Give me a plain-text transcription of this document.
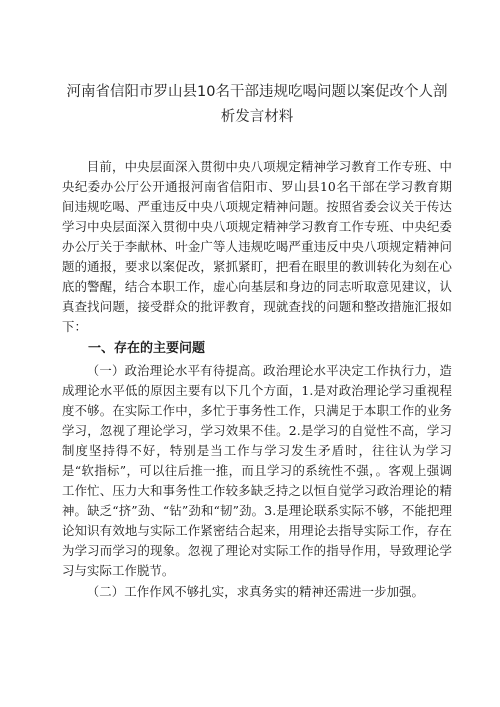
河南省信阳市罗山县10名干部违规吃喝问题以案促改个人剖析发言材料

目前，中央层面深入贯彻中央八项规定精神学习教育工作专班、中央纪委办公厅公开通报河南省信阳市、罗山县10名干部在学习教育期间违规吃喝、严重违反中央八项规定精神问题。按照省委会议关于传达学习中央层面深入贯彻中央八项规定精神学习教育工作专班、中央纪委办公厅关于李献林、叶金广等人违规吃喝严重违反中央八项规定精神问题的通报，要求以案促改，紧抓紧盯，把看在眼里的教训转化为刻在心底的警醒，结合本职工作，虚心向基层和身边的同志听取意见建议，认真查找问题，接受群众的批评教育，现就查找的问题和整改措施汇报如下：

一、存在的主要问题

（一）政治理论水平有待提高。政治理论水平决定工作执行力，造成理论水平低的原因主要有以下几个方面，1.是对政治理论学习重视程度不够。在实际工作中，多忙于事务性工作，只满足于本职工作的业务学习，忽视了理论学习，学习效果不佳。2.是学习的自觉性不高，学习制度坚持得不好，特别是当工作与学习发生矛盾时，往往认为学习是“软指标”，可以往后推一推，而且学习的系统性不强，。客观上强调工作忙、压力大和事务性工作较多缺乏持之以恒自觉学习政治理论的精神。缺乏“挤”劲、“钻”劲和“韧”劲。3.是理论联系实际不够，不能把理论知识有效地与实际工作紧密结合起来，用理论去指导实际工作，存在为学习而学习的现象。忽视了理论对实际工作的指导作用，导致理论学习与实际工作脱节。

（二）工作作风不够扎实，求真务实的精神还需进一步加强。
